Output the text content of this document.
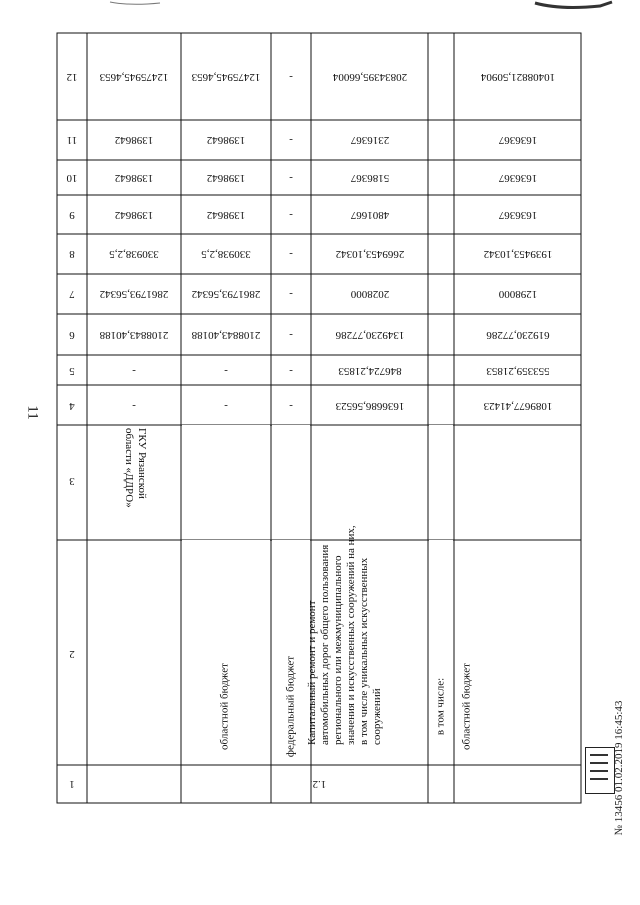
11
12
11
10
9
8
7
6
5
4
3
2
1
ГКУ Рязанской области «ДДРО»
12475945,4653
1398642
1398642
1398642
330938,2,5
2861793,56342
2108843,40188
-
-
12475945,4653
1398642
1398642
1398642
330938,2,5
2861793,56342
2108843,40188
-
-
областной бюджет
-
-
-
-
-
-
-
-
-
федеральный бюджет
20834395,66004
2316367
5186367
4801667
2669453,10342
2028000
1349230,77286
846724,21853
1636686,56523
1.2.
Капитальный ремонт и ремонт автомобильных дорог общего пользования регионального или межмуниципального значения и искусственных сооружений на них, в том числе уникальных искусственных сооружений	в том числе:
10408821,50904
1636367
1636367
1636367
1939453,10342
1298000
619230,77286
553359,21853
1089677,41423
областной бюджет	№ 13456 01.02.2019 16:45:43
